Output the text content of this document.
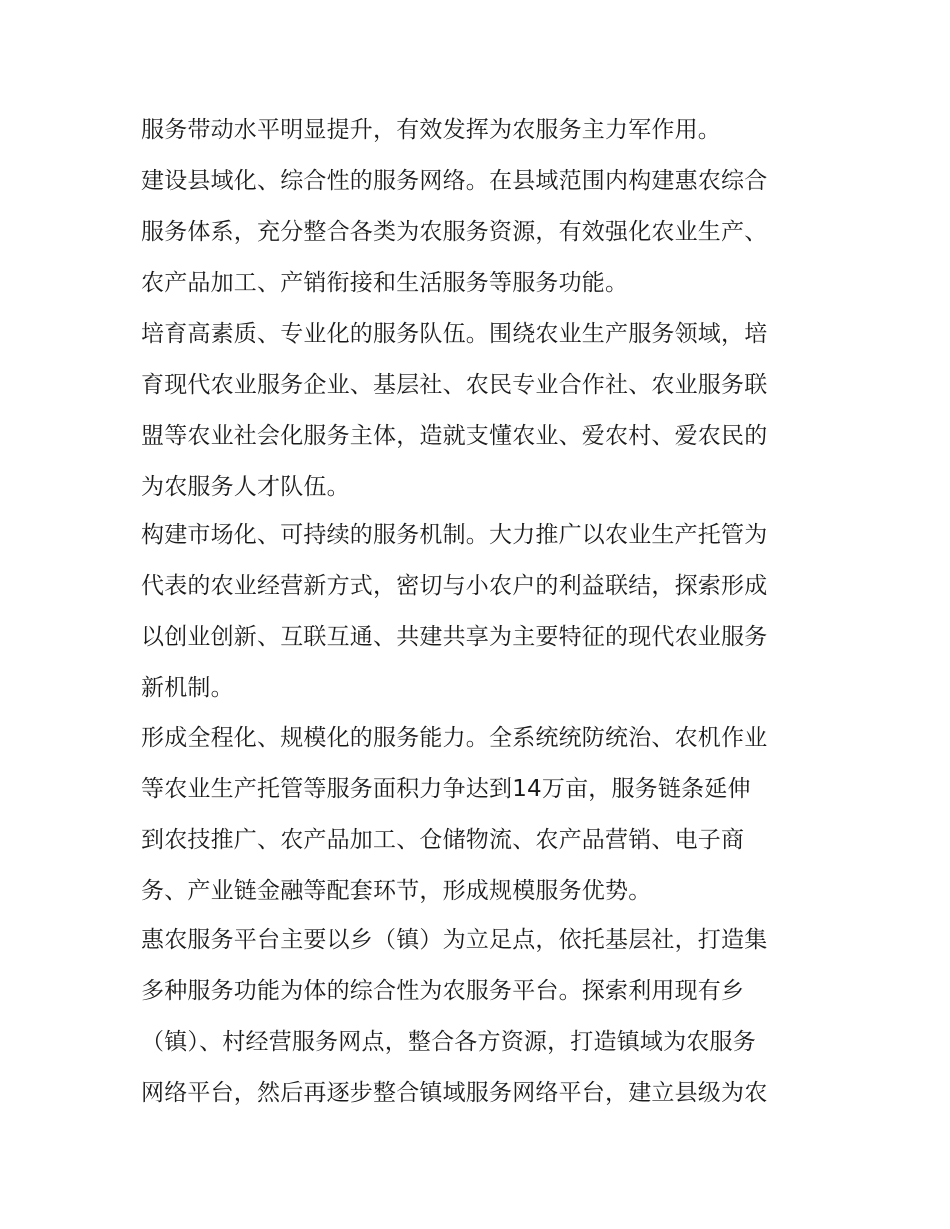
服务带动水平明显提升，有效发挥为农服务主力军作用。
建设县域化、综合性的服务网络。在县域范围内构建惠农综合
服务体系，充分整合各类为农服务资源，有效强化农业生产、
农产品加工、产销衔接和生活服务等服务功能。
培育高素质、专业化的服务队伍。围绕农业生产服务领域，培
育现代农业服务企业、基层社、农民专业合作社、农业服务联
盟等农业社会化服务主体，造就支懂农业、爱农村、爱农民的
为农服务人才队伍。
构建市场化、可持续的服务机制。大力推广以农业生产托管为
代表的农业经营新方式，密切与小农户的利益联结，探索形成
以创业创新、互联互通、共建共享为主要特征的现代农业服务
新机制。
形成全程化、规模化的服务能力。全系统统防统治、农机作业
等农业生产托管等服务面积力争达到14万亩，服务链条延伸
到农技推广、农产品加工、仓储物流、农产品营销、电子商
务、产业链金融等配套环节，形成规模服务优势。
惠农服务平台主要以乡（镇）为立足点，依托基层社，打造集
多种服务功能为体的综合性为农服务平台。探索利用现有乡
（镇）、村经营服务网点，整合各方资源，打造镇域为农服务
网络平台，然后再逐步整合镇域服务网络平台，建立县级为农
